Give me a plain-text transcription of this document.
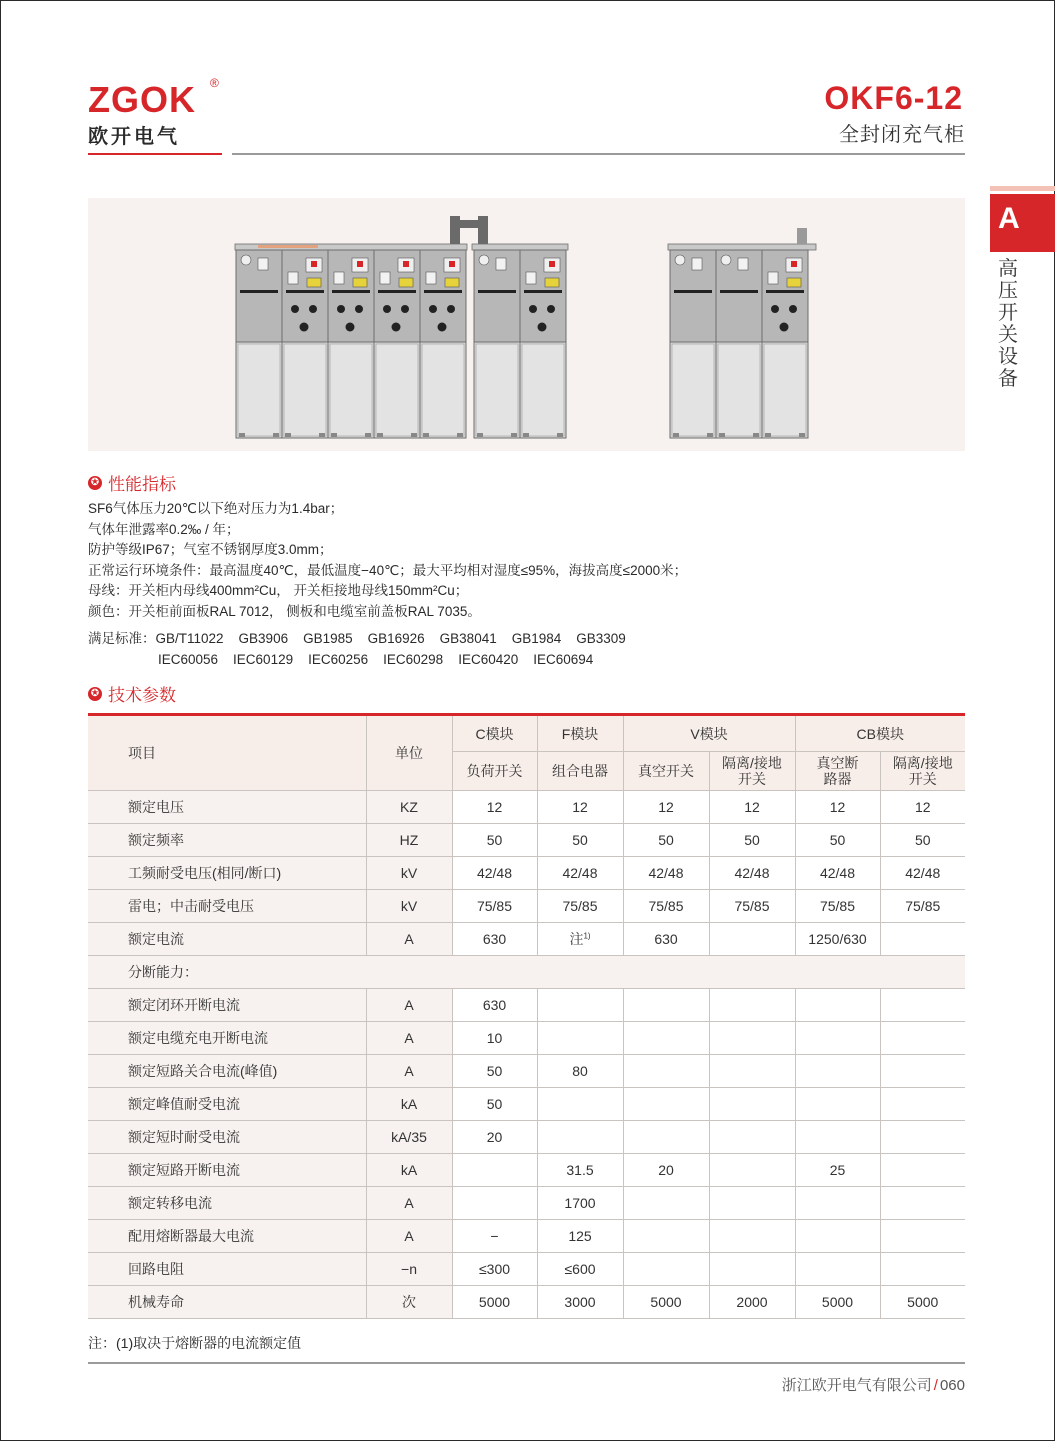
ZGOK ®
欧开电气
OKF6-12
全封闭充气柜
A
高压开关设备
✪ 性能指标
SF6气体压力20℃以下绝对压力为1.4bar；
气体年泄露率0.2‰ / 年；
防护等级IP67；气室不锈钢厚度3.0mm；
正常运行环境条件：最高温度40℃，最低温度−40℃；最大平均相对湿度≤95%，海拔高度≤2000米；
母线：开关柜内母线400mm²Cu， 开关柜接地母线150mm²Cu；
颜色：开关柜前面板RAL 7012， 侧板和电缆室前盖板RAL 7035。
满足标准：GB/T11022    GB3906    GB1985    GB16926    GB38041    GB1984    GB3309
IEC60056    IEC60129    IEC60256    IEC60298    IEC60420    IEC60694
✪ 技术参数
项目	单位	C模块	F模块	V模块		CB模块	
		负荷开关	组合电器	真空开关	隔离/接地开关	真空断路器	隔离/接地开关
额定电压	KZ	12	12	12	12	12	12
额定频率	HZ	50	50	50	50	50	50
工频耐受电压(相同/断口)	kV	42/48	42/48	42/48	42/48	42/48	42/48
雷电；中击耐受电压	kV	75/85	75/85	75/85	75/85	75/85	75/85
额定电流	A	630	注$^{1)}$	630		1250/630	
分断能力：							
额定闭环开断电流	A	630					
额定电缆充电开断电流	A	10					
额定短路关合电流(峰值)	A	50	80				
额定峰值耐受电流	kA	50					
额定短时耐受电流	kA/35	20					
额定短路开断电流	kA		31.5	20		25	
额定转移电流	A		1700				
配用熔断器最大电流	A	−	125				
回路电阻	−n	≤300	≤600				
机械寿命	次	5000	3000	5000	2000	5000	5000
注：(1)取决于熔断器的电流额定值
浙江欧开电气有限公司 / 060
